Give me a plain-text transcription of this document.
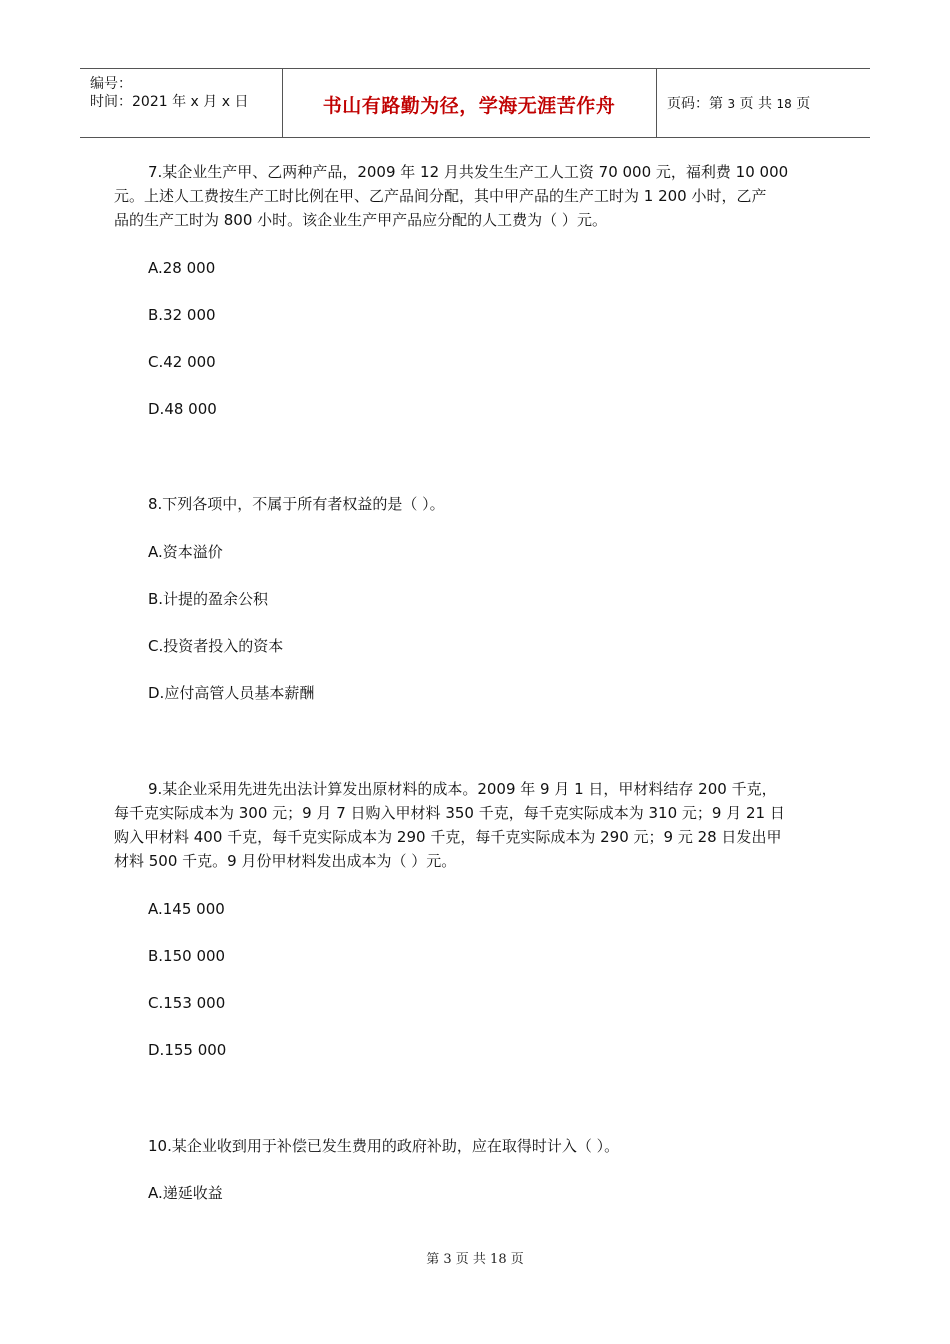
编号：
时间：2021 年 x 月 x 日	书山有路勤为径，学海无涯苦作舟	页码：第 3 页 共 18 页
7.某企业生产甲、乙两种产品，2009 年 12 月共发生生产工人工资 70 000 元，福利费 10 000
元。上述人工费按生产工时比例在甲、乙产品间分配，其中甲产品的生产工时为 1 200 小时，乙产
品的生产工时为 800 小时。该企业生产甲产品应分配的人工费为（ ）元。
A.28 000
B.32 000
C.42 000
D.48 000
8.下列各项中，不属于所有者权益的是（ ）。
A.资本溢价
B.计提的盈余公积
C.投资者投入的资本
D.应付高管人员基本薪酬
9.某企业采用先进先出法计算发出原材料的成本。2009 年 9 月 1 日，甲材料结存 200 千克，
每千克实际成本为 300 元；9 月 7 日购入甲材料 350 千克，每千克实际成本为 310 元；9 月 21 日
购入甲材料 400 千克，每千克实际成本为 290 千克，每千克实际成本为 290 元；9 元 28 日发出甲
材料 500 千克。9 月份甲材料发出成本为（ ）元。
A.145 000
B.150 000
C.153 000
D.155 000
10.某企业收到用于补偿已发生费用的政府补助，应在取得时计入（ ）。
A.递延收益
第 3 页 共 18 页
